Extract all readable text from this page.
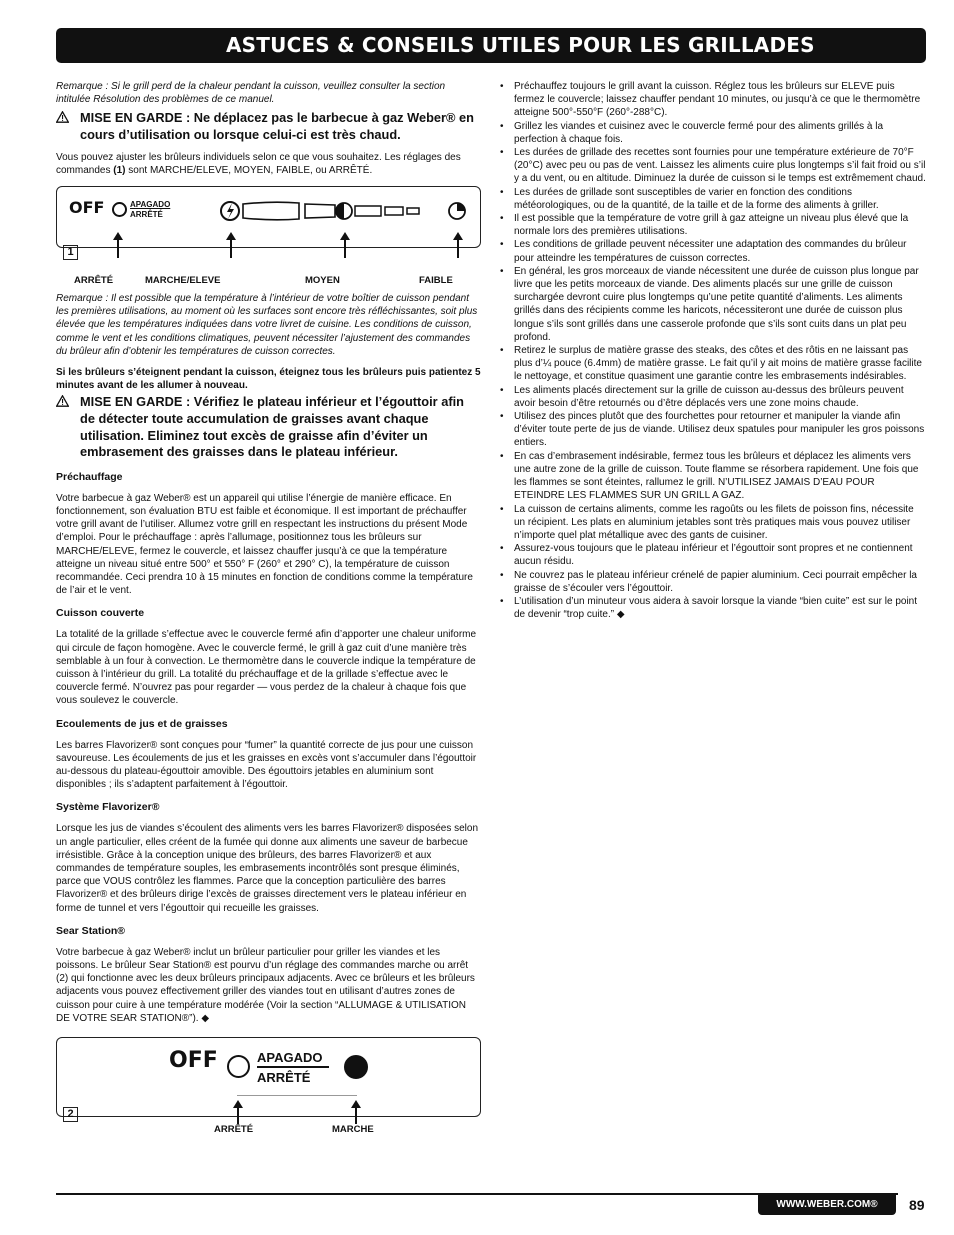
ASTUCES & CONSEILS UTILES POUR LES GRILLADES

Remarque : Si le grill perd de la chaleur pendant la cuisson, veuillez consulter la section intitulée Résolution des problèmes de ce manuel.

MISE EN GARDE : Ne déplacez pas le barbecue à gaz Weber® en cours d’utilisation ou lorsque celui-ci est très chaud.

Vous pouvez ajuster les brûleurs individuels selon ce que vous souhaitez. Les réglages des commandes (1) sont MARCHE/ELEVE, MOYEN, FAIBLE, ou ARRÊTÉ.

OFF	APAGADO
ARRÊTÉ
1
ARRÊTÉ	MARCHE/ELEVE	MOYEN	FAIBLE

Remarque : Il est possible que la température à l’intérieur de votre boîtier de cuisson pendant les premières utilisations, au moment où les surfaces sont encore très réfléchissantes, soit plus élevée que les températures indiquées dans votre livret de cuisine. Les conditions de cuisson, comme le vent et les conditions climatiques, peuvent nécessiter l’ajustement des commandes du brûleur afin d’obtenir les températures de cuisson correctes.

Si les brûleurs s’éteignent pendant la cuisson, éteignez tous les brûleurs puis patientez 5 minutes avant de les allumer à nouveau.

MISE EN GARDE : Vérifiez le plateau inférieur et l’égouttoir afin de détecter toute accumulation de graisses avant chaque utilisation. Eliminez tout excès de graisse afin d’éviter un embrasement des graisses dans le plateau inférieur.
Préchauffage

Votre barbecue à gaz Weber® est un appareil qui utilise l’énergie de manière efficace. En fonctionnement, son évaluation BTU est faible et économique. Il est important de préchauffer votre grill avant de l’utiliser. Allumez votre grill en respectant les instructions du présent Mode d’emploi. Pour le préchauffage : après l’allumage, positionnez tous les brûleurs sur MARCHE/ELEVE, fermez le couvercle, et laissez chauffer jusqu’à ce que la température atteigne un niveau situé entre 500° et 550° F (260° et 290° C), la température de cuisson recommandée. Ceci prendra 10 à 15 minutes en fonction de conditions comme la température de l’air et le vent.

Cuisson couverte

La totalité de la grillade s’effectue avec le couvercle fermé afin d’apporter une chaleur uniforme qui circule de façon homogène. Avec le couvercle fermé, le grill à gaz cuit d’une manière très semblable à un four à convection. Le thermomètre dans le couvercle indique la température de cuisson à l’intérieur du grill. La totalité du préchauffage et de la grillade s’effectue avec le couvercle fermé. N’ouvrez pas pour regarder — vous perdez de la chaleur à chaque fois que vous soulevez le couvercle.

Ecoulements de jus et de graisses

Les barres Flavorizer® sont conçues pour “fumer” la quantité correcte de jus pour une cuisson savoureuse. Les écoulements de jus et les graisses en excès vont s’accumuler dans l’égouttoir au-dessous du plateau-égouttoir amovible. Des égouttoirs jetables en aluminium sont disponibles ; ils s’adaptent parfaitement à l’égouttoir.

Système Flavorizer®

Lorsque les jus de viandes s’écoulent des aliments vers les barres Flavorizer® disposées selon un angle particulier, elles créent de la fumée qui donne aux aliments une saveur de barbecue irrésistible. Grâce à la conception unique des brûleurs, des barres Flavorizer® et aux commandes de température souples, les embrasements incontrôlés sont presque éliminés, parce que VOUS contrôlez les flammes. Parce que la conception particulière des barres Flavorizer® et des brûleurs dirige l’excès de graisses directement vers le plateau inférieur en forme de tunnel et vers l’égouttoir qui recueille les graisses.

Sear Station®

Votre barbecue à gaz Weber® inclut un brûleur particulier pour griller les viandes et les poissons. Le brûleur Sear Station® est pourvu d’un réglage des commandes marche ou arrêt (2) qui fonctionne avec les deux brûleurs principaux adjacents. Avec ce brûleurs et les brûleurs adjacents vous pouvez effectivement griller des viandes tout en utilisant d’autres zones de cuisson pour cuire à une température modérée (Voir la section “ALLUMAGE & UTILISATION DE VOTRE SEAR STATION®”). ◆

OFF	APAGADO
ARRÊTÉ
2
ARRÊTÉ	MARCHE
• Préchauffez toujours le grill avant la cuisson. Réglez tous les brûleurs sur ELEVE puis fermez le couvercle; laissez chauffer pendant 10 minutes, ou jusqu’à ce que le thermomètre atteigne 500°-550°F (260°-288°C).
• Grillez les viandes et cuisinez avec le couvercle fermé pour des aliments grillés à la perfection à chaque fois.
• Les durées de grillade des recettes sont fournies pour une température extérieure de 70°F (20°C) avec peu ou pas de vent. Laissez les aliments cuire plus longtemps s’il fait froid ou s’il y a du vent, ou en altitude. Diminuez la durée de cuisson si le temps est extrêmement chaud.
• Les durées de grillade sont susceptibles de varier en fonction des conditions météorologiques, ou de la quantité, de la taille et de la forme des aliments à griller.
• Il est possible que la température de votre grill à gaz atteigne un niveau plus élevé que la normale lors des premières utilisations.
• Les conditions de grillade peuvent nécessiter une adaptation des commandes du brûleur pour atteindre les températures de cuisson correctes.
• En général, les gros morceaux de viande nécessitent une durée de cuisson plus longue par livre que les petits morceaux de viande. Des aliments placés sur une grille de cuisson surchargée devront cuire plus longtemps qu’une petite quantité d’aliments. Les aliments grillés dans des récipients comme les haricots, nécessiteront une durée de cuisson plus longue s’ils sont grillés dans une casserole profonde que s’ils sont cuits dans un plat peu profond.
• Retirez le surplus de matière grasse des steaks, des côtes et des rôtis en ne laissant pas plus d’¼ pouce (6.4mm) de matière grasse. Le fait qu’il y ait moins de matière grasse facilite le nettoyage, et constitue quasiment une garantie contre les embrasements indésirables.
• Les aliments placés directement sur la grille de cuisson au-dessus des brûleurs peuvent avoir besoin d’être retournés ou d’être déplacés vers une zone moins chaude.
• Utilisez des pinces plutôt que des fourchettes pour retourner et manipuler la viande afin d’éviter toute perte de jus de viande. Utilisez deux spatules pour manipuler les gros poissons entiers.
• En cas d’embrasement indésirable, fermez tous les brûleurs et déplacez les aliments vers une autre zone de la grille de cuisson. Toute flamme se résorbera rapidement. Une fois que les flammes se sont éteintes, rallumez le grill. N’UTILISEZ JAMAIS D’EAU POUR ETEINDRE LES FLAMMES SUR UN GRILL A GAZ.
• La cuisson de certains aliments, comme les ragoûts ou les filets de poisson fins, nécessite un récipient. Les plats en aluminium jetables sont très pratiques mais vous pouvez utiliser n’importe quel plat métallique avec des gants de cuisiner.
• Assurez-vous toujours que le plateau inférieur et l’égouttoir sont propres et ne contiennent aucun résidu.
• Ne couvrez pas le plateau inférieur crénelé de papier aluminium. Ceci pourrait empêcher la graisse de s’écouler vers l’égouttoir.
• L’utilisation d’un minuteur vous aidera à savoir lorsque la viande “bien cuite” est sur le point de devenir “trop cuite.” ◆
WWW.WEBER.COM®	89
